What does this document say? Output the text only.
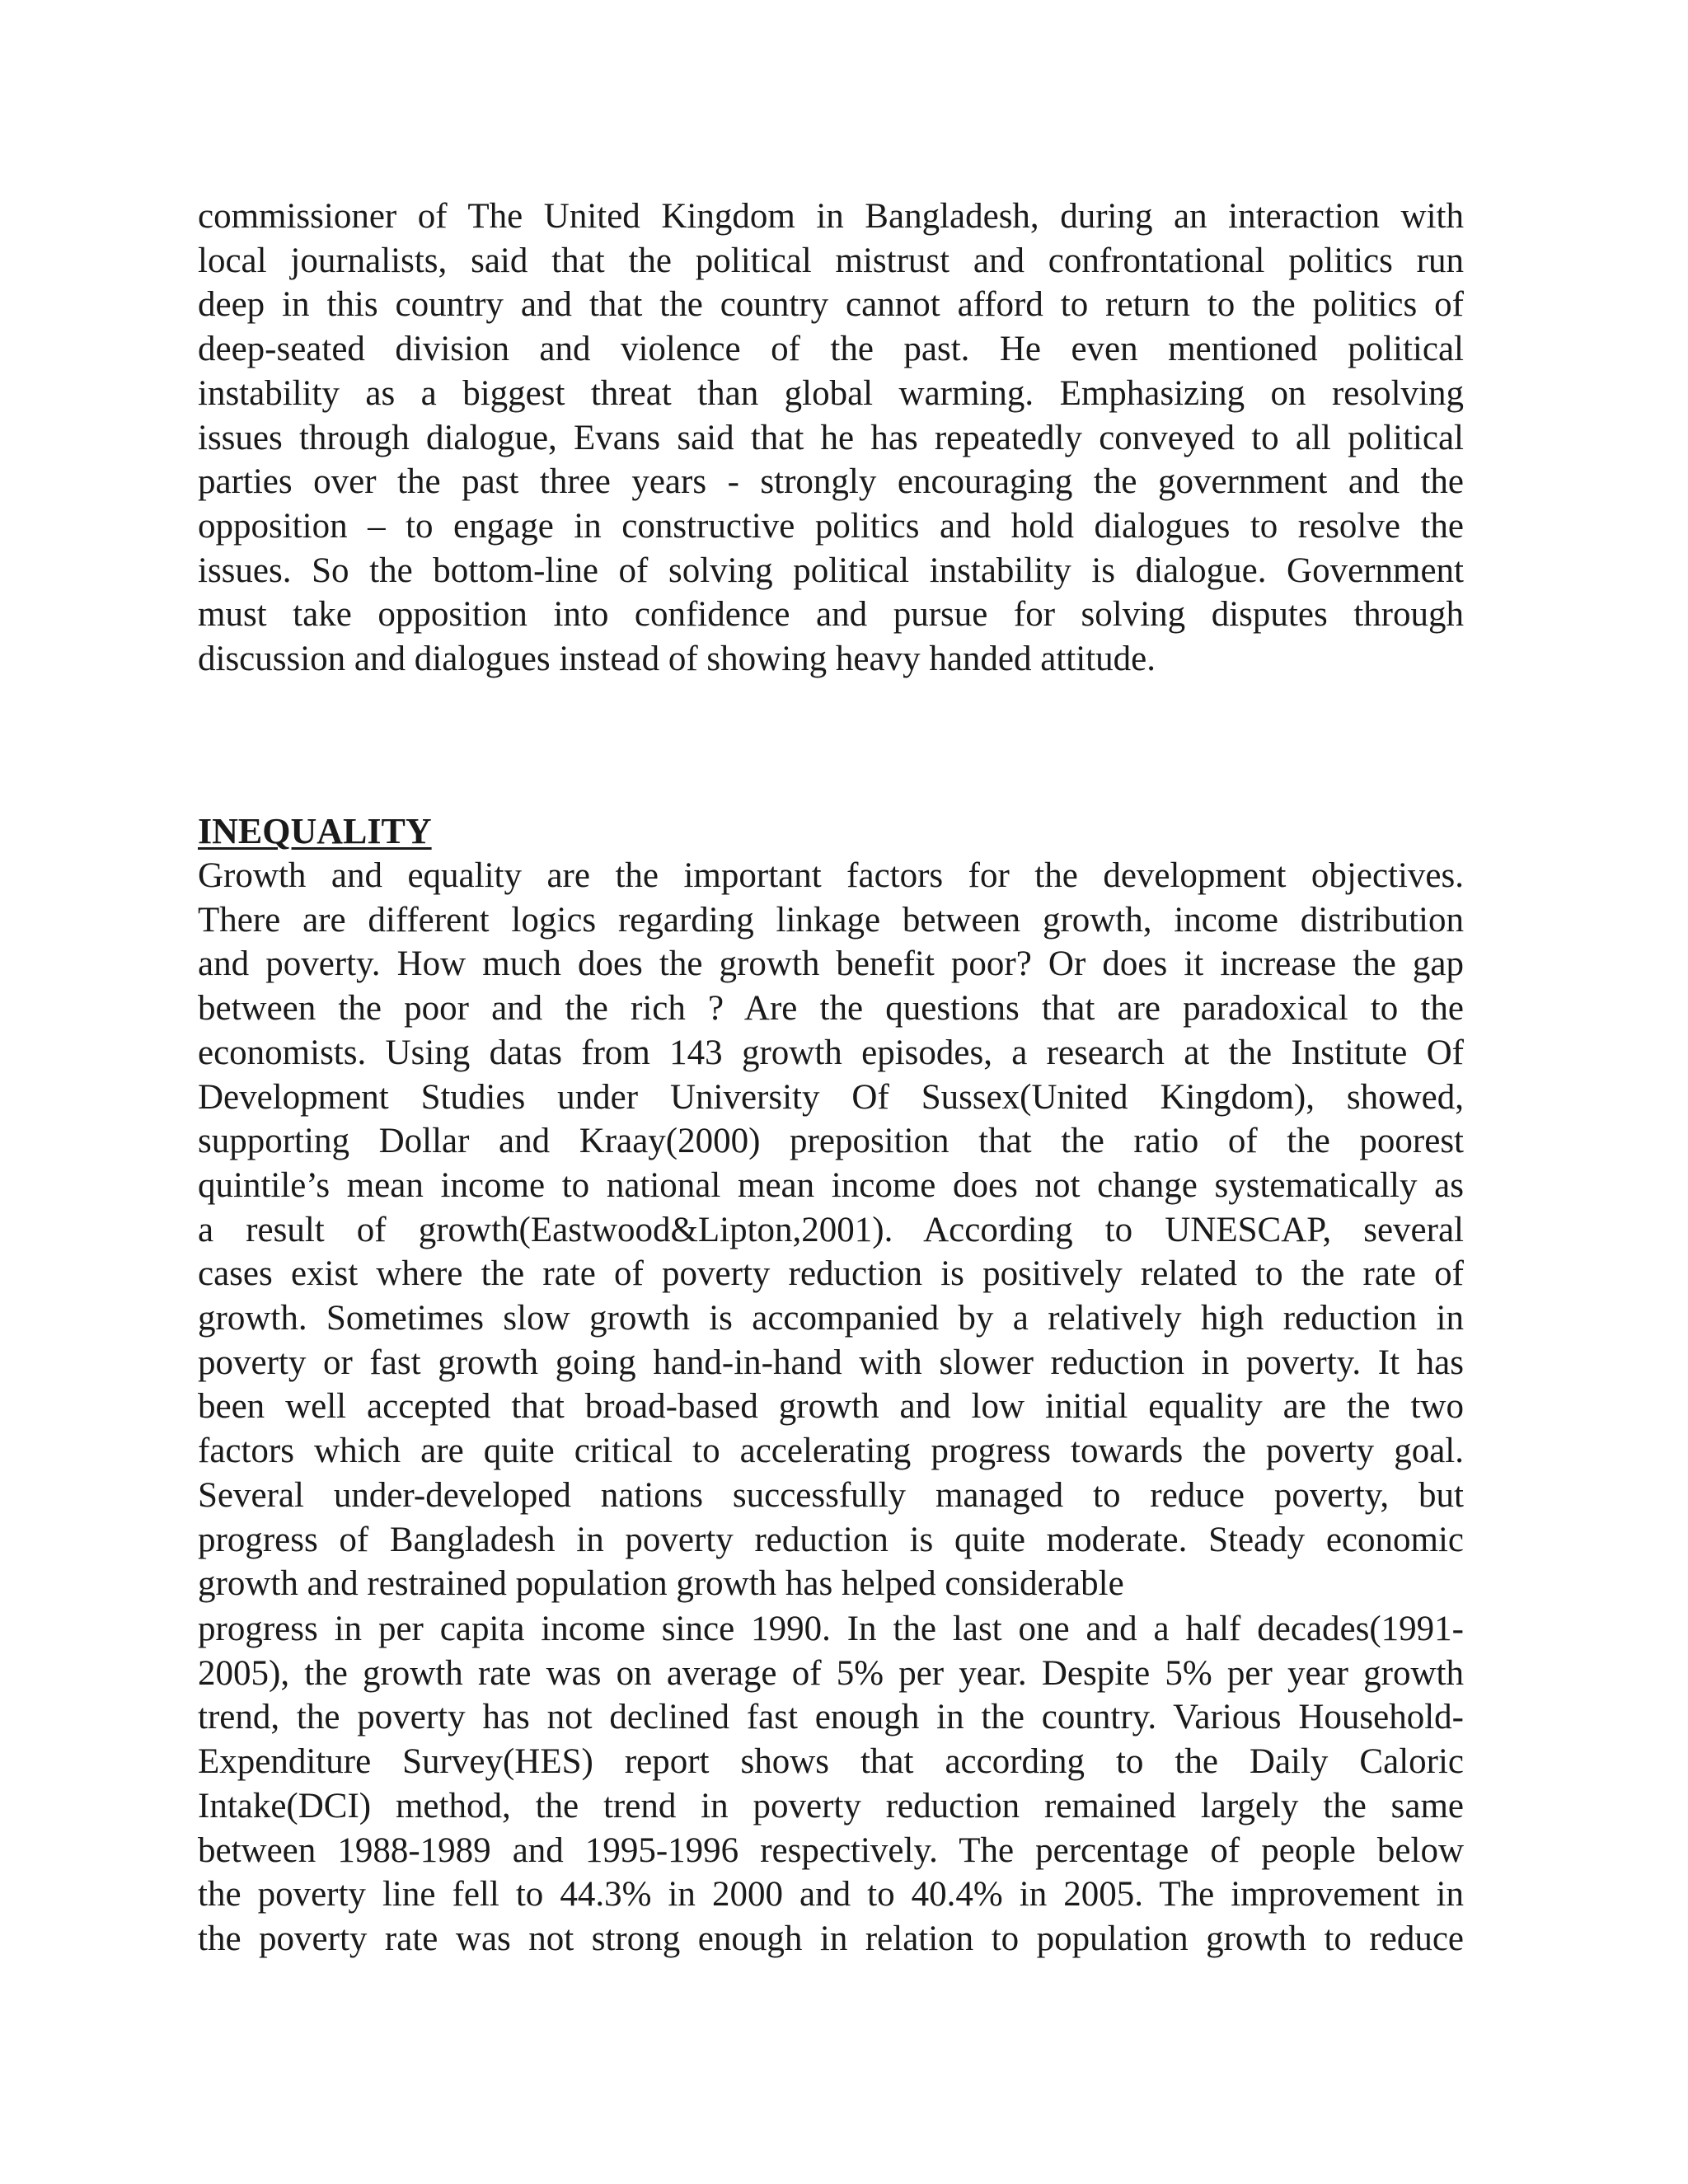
commissioner of The United Kingdom in Bangladesh, during an interaction with
local journalists, said that the political mistrust and confrontational politics run
deep in this country and that the country cannot afford to return to the politics of
deep-seated division and violence of the past. He even mentioned political
instability as a biggest threat than global warming. Emphasizing on resolving
issues through dialogue, Evans said that he has repeatedly conveyed to all political
parties over the past three years - strongly encouraging the government and the
opposition – to engage in constructive politics and hold dialogues to resolve the
issues. So the bottom-line of solving political instability is dialogue. Government
must take opposition into confidence and pursue for solving disputes through
discussion and dialogues instead of showing heavy handed attitude.
INEQUALITY
Growth and equality are the important factors for the development objectives.
There are different logics regarding linkage between growth, income distribution
and poverty. How much does the growth benefit poor? Or does it increase the gap
between the poor and the rich ? Are the questions that are paradoxical to the
economists. Using datas from 143 growth episodes, a research at the Institute Of
Development Studies under University Of Sussex(United Kingdom), showed,
supporting Dollar and Kraay(2000) preposition that the ratio of the poorest
quintile’s mean income to national mean income does not change systematically as
a result of growth(Eastwood&Lipton,2001). According to UNESCAP, several
cases exist where the rate of poverty reduction is positively related to the rate of
growth. Sometimes slow growth is accompanied by a relatively high reduction in
poverty or fast growth going hand-in-hand with slower reduction in poverty. It has
been well accepted that broad-based growth and low initial equality are the two
factors which are quite critical to accelerating progress towards the poverty goal.
Several under-developed nations successfully managed to reduce poverty, but
progress of Bangladesh in poverty reduction is quite moderate. Steady economic
growth and restrained population growth has helped considerable
progress in per capita income since 1990. In the last one and a half decades(1991-
2005), the growth rate was on average of 5% per year. Despite 5% per year growth
trend, the poverty has not declined fast enough in the country. Various Household-
Expenditure Survey(HES) report shows that according to the Daily Caloric
Intake(DCI) method, the trend in poverty reduction remained largely the same
between 1988-1989 and 1995-1996 respectively. The percentage of people below
the poverty line fell to 44.3% in 2000 and to 40.4% in 2005. The improvement in
the poverty rate was not strong enough in relation to population growth to reduce
